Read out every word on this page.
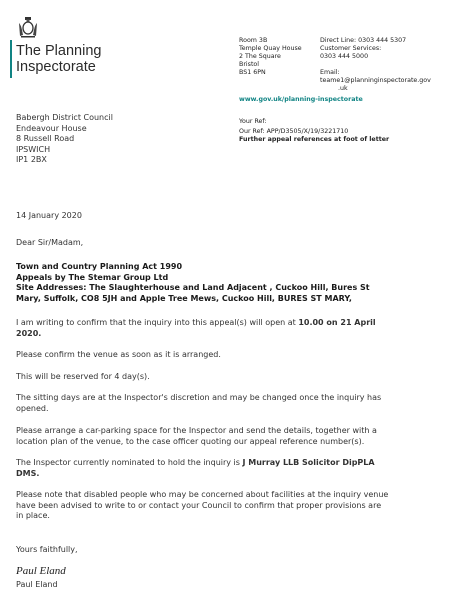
The Planning
Inspectorate
Room 3B
Temple Quay House
2 The Square
Bristol
BS1 6PN
Direct Line: 0303 444 5307
Customer Services:
0303 444 5000
Email:
teame1@planninginspectorate.gov
.uk
www.gov.uk/planning-inspectorate
Babergh District Council
Endeavour House
8 Russell Road
IPSWICH
IP1 2BX
Your Ref:
Our Ref: APP/D3505/X/19/3221710
Further appeal references at foot of letter
14 January 2020
Dear Sir/Madam,
Town and Country Planning Act 1990
Appeals by The Stemar Group Ltd
Site Addresses: The Slaughterhouse and Land Adjacent , Cuckoo Hill, Bures St
Mary, Suffolk, CO8 5JH and Apple Tree Mews, Cuckoo Hill, BURES ST MARY,
I am writing to confirm that the inquiry into this appeal(s) will open at 10.00 on 21 April
2020.
Please confirm the venue as soon as it is arranged.
This will be reserved for 4 day(s).
The sitting days are at the Inspector's discretion and may be changed once the inquiry has
opened.
Please arrange a car-parking space for the Inspector and send the details, together with a
location plan of the venue, to the case officer quoting our appeal reference number(s).
The Inspector currently nominated to hold the inquiry is J Murray LLB Solicitor DipPLA
DMS.
Please note that disabled people who may be concerned about facilities at the inquiry venue
have been advised to write to or contact your Council to confirm that proper provisions are
in place.
Yours faithfully,
Paul Eland
Paul Eland
